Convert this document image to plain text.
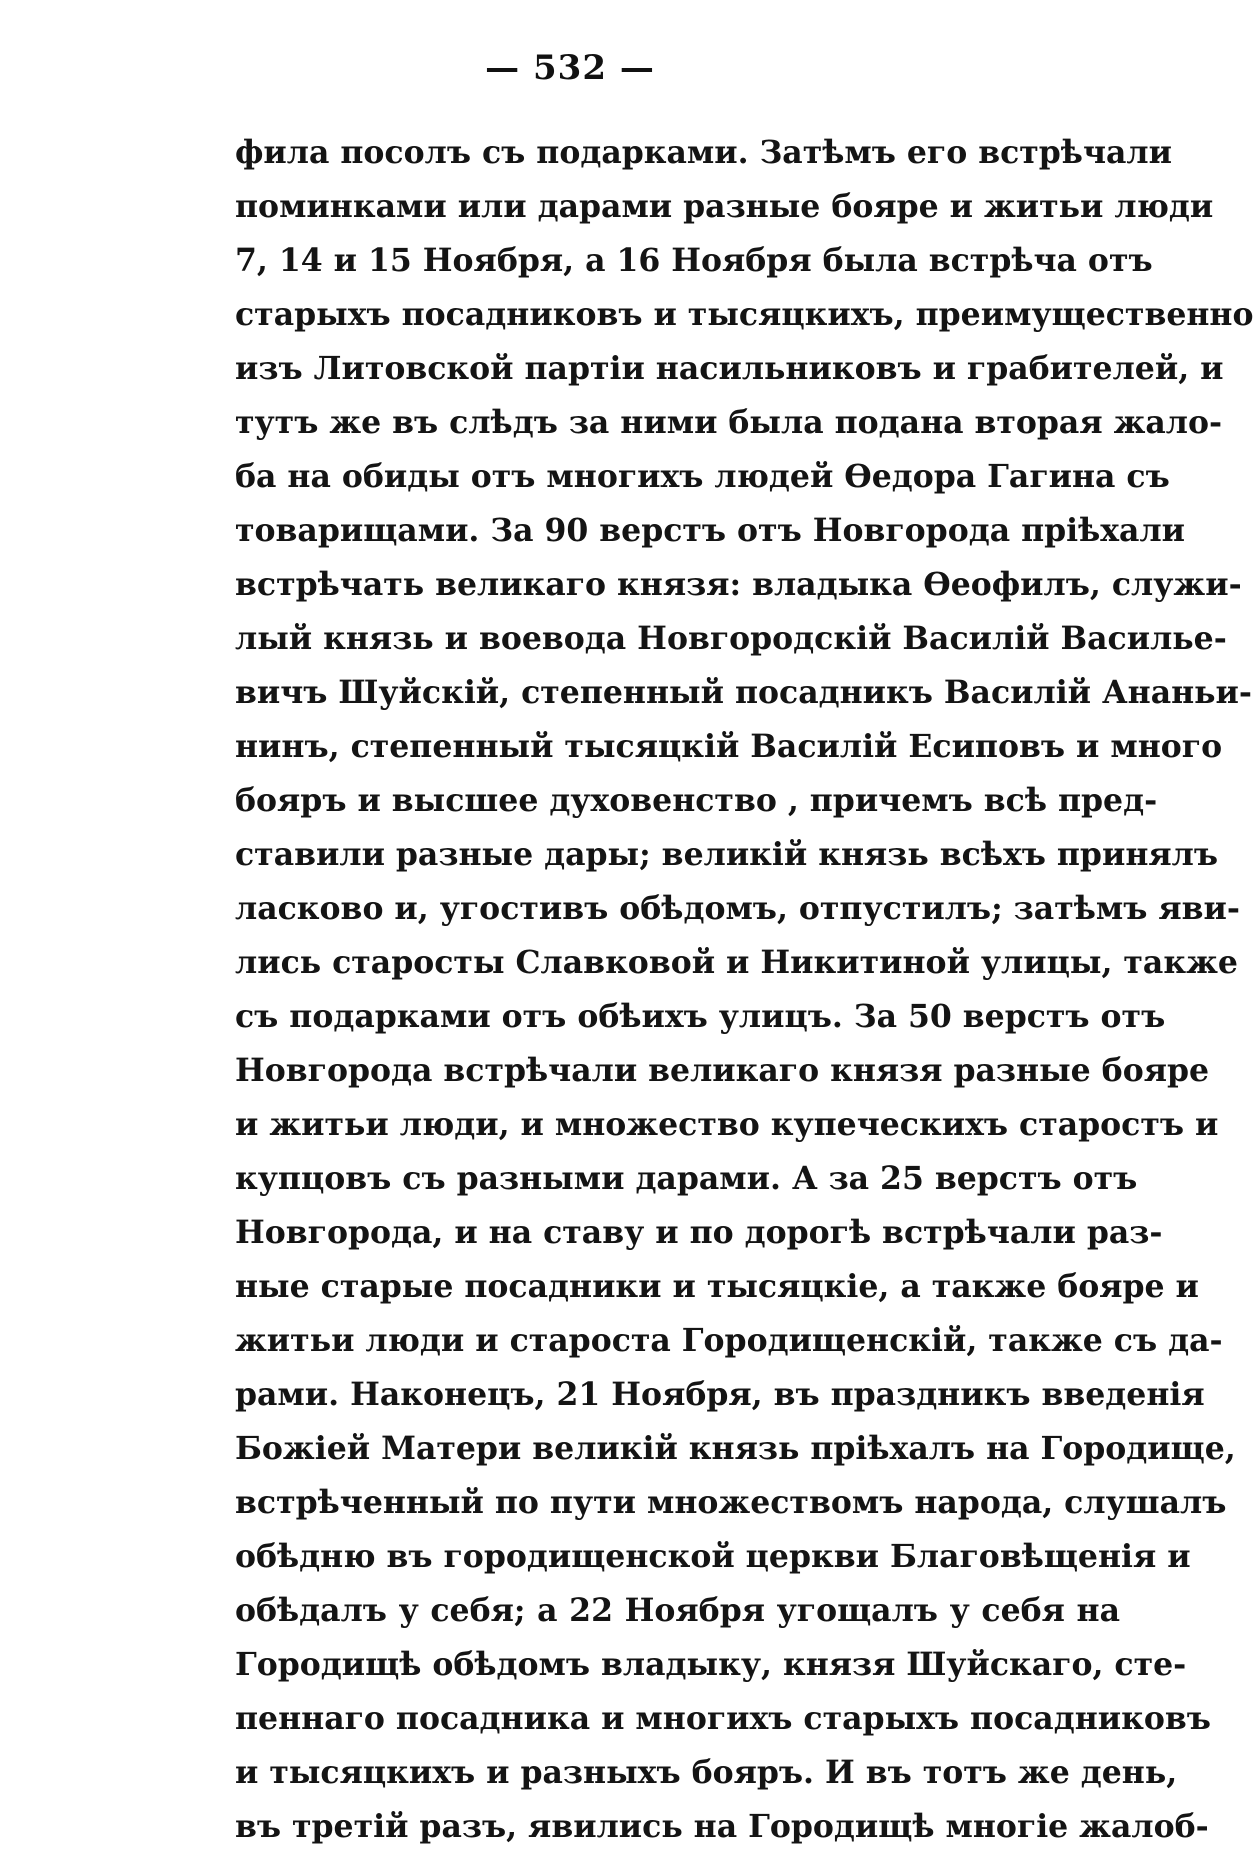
— 532 —
фила посолъ съ подарками. Затѣмъ его встрѣчали
поминками или дарами разные бояре и житьи люди
7, 14 и 15 Ноября, а 16 Ноября была встрѣча отъ
старыхъ посадниковъ и тысяцкихъ, преимущественно
изъ Литовской партіи насильниковъ и грабителей, и
тутъ же въ слѣдъ за ними была подана вторая жало-
ба на обиды отъ многихъ людей Ѳедора Гагина съ
товарищами. За 90 верстъ отъ Новгорода пріѣхали
встрѣчать великаго князя: владыка Ѳеофилъ, служи-
лый князь и воевода Новгородскій Василій Василье-
вичъ Шуйскій, степенный посадникъ Василій Ананьи-
нинъ, степенный тысяцкій Василій Есиповъ и много
бояръ и высшее духовенство , причемъ всѣ пред-
ставили разные дары; великій князь всѣхъ принялъ
ласково и, угостивъ обѣдомъ, отпустилъ; затѣмъ яви-
лись старосты Славковой и Никитиной улицы, также
съ подарками отъ обѣихъ улицъ. За 50 верстъ отъ
Новгорода встрѣчали великаго князя разные бояре
и житьи люди, и множество купеческихъ старостъ и
купцовъ съ разными дарами. А за 25 верстъ отъ
Новгорода, и на ставу и по дорогѣ встрѣчали раз-
ные старые посадники и тысяцкіе, а также бояре и
житьи люди и староста Городищенскій, также съ да-
рами. Наконецъ, 21 Ноября, въ праздникъ введенія
Божіей Матери великій князь пріѣхалъ на Городище,
встрѣченный по пути множествомъ народа, слушалъ
обѣдню въ городищенской церкви Благовѣщенія и
обѣдалъ у себя; а 22 Ноября угощалъ у себя на
Городищѣ обѣдомъ владыку, князя Шуйскаго, сте-
пеннаго посадника и многихъ старыхъ посадниковъ
и тысяцкихъ и разныхъ бояръ. И въ тотъ же день,
въ третій разъ, явились на Городищѣ многіе жалоб-
